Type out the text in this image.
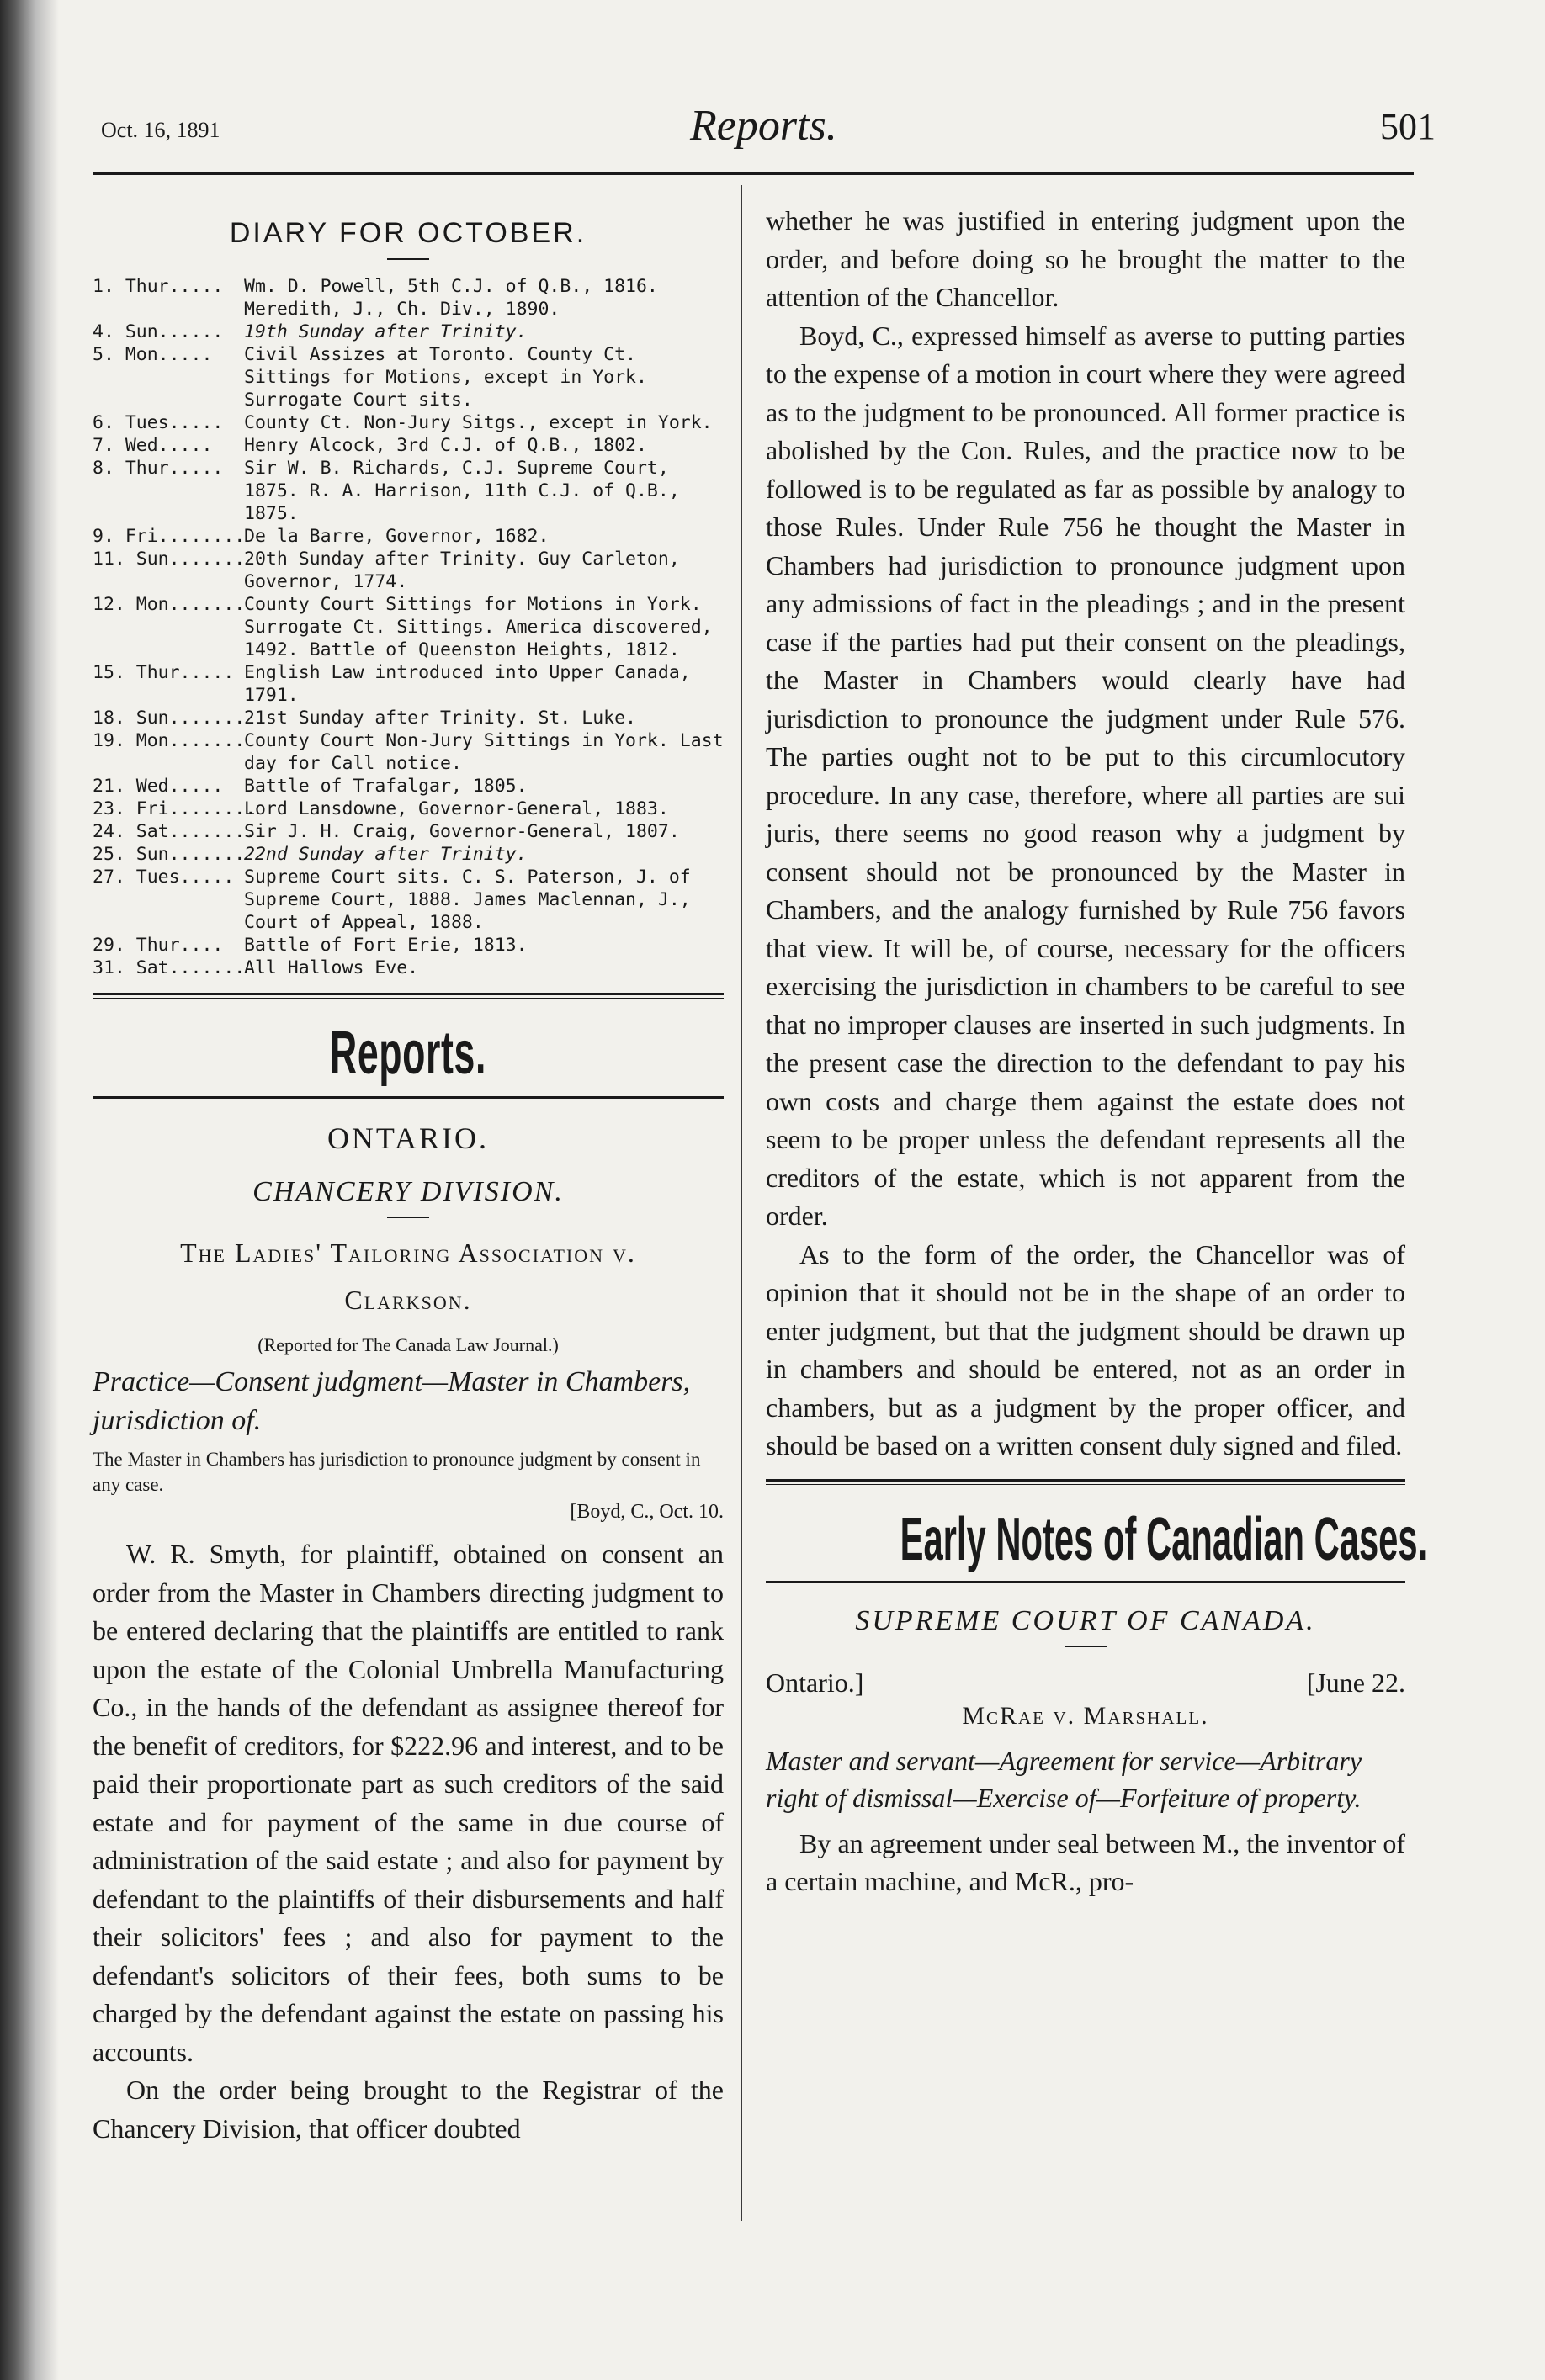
Oct. 16, 1891	Reports.	501
DIARY FOR OCTOBER.
1. Thur.....	Wm. D. Powell, 5th C.J. of Q.B., 1816. Meredith, J., Ch. Div., 1890.
4. Sun......	19th Sunday after Trinity.
5. Mon.....	Civil Assizes at Toronto. County Ct. Sittings for Motions, except in York. Surrogate Court sits.
6. Tues.....	County Ct. Non-Jury Sitgs., except in York.
7. Wed.....	Henry Alcock, 3rd C.J. of Q.B., 1802.
8. Thur.....	Sir W. B. Richards, C.J. Supreme Court, 1875. R. A. Harrison, 11th C.J. of Q.B., 1875.
9. Fri........
De la Barre, Governor, 1682.
11. Sun.......
20th Sunday after Trinity. Guy Carleton, Governor, 1774.
12. Mon.......
County Court Sittings for Motions in York. Surrogate Ct. Sittings. America discovered, 1492. Battle of Queenston Heights, 1812.
15. Thur..... English Law introduced into Upper Canada, 1791.
18. Sun.......
21st Sunday after Trinity. St. Luke.
19. Mon.......
County Court Non-Jury Sittings in York. Last day for Call notice.
21. Wed.....	Battle of Trafalgar, 1805.
23. Fri........
Lord Lansdowne, Governor-General, 1883.
24. Sat........
Sir J. H. Craig, Governor-General, 1807.
25. Sun.......
22nd Sunday after Trinity.
27. Tues..... Supreme Court sits. C. S. Paterson, J. of Supreme Court, 1888. James Maclennan, J., Court of Appeal, 1888.
29. Thur....	Battle of Fort Erie, 1813.
31. Sat.......
All Hallows Eve.
Reports.
ONTARIO.
CHANCERY DIVISION.
The Ladies' Tailoring Association v.
Clarkson.
(Reported for The Canada Law Journal.)
Practice—Consent judgment—Master in Chambers, jurisdiction of.
The Master in Chambers has jurisdiction to pronounce judgment by consent in any case.
[Boyd, C., Oct. 10.

W. R. Smyth, for plaintiff, obtained on consent an order from the Master in Chambers directing judgment to be entered declaring that the plaintiffs are entitled to rank upon the estate of the Colonial Umbrella Manufacturing Co., in the hands of the defendant as assignee thereof for the benefit of creditors, for $222.96 and interest, and to be paid their proportionate part as such creditors of the said estate and for payment of the same in due course of administration of the said estate ; and also for payment by defendant to the plaintiffs of their disbursements and half their solicitors' fees ; and also for payment to the defendant's solicitors of their fees, both sums to be charged by the defendant against the estate on passing his accounts.

On the order being brought to the Registrar of the Chancery Division, that officer doubted

whether he was justified in entering judgment upon the order, and before doing so he brought the matter to the attention of the Chancellor.

Boyd, C., expressed himself as averse to putting parties to the expense of a motion in court where they were agreed as to the judgment to be pronounced. All former practice is abolished by the Con. Rules, and the practice now to be followed is to be regulated as far as possible by analogy to those Rules. Under Rule 756 he thought the Master in Chambers had jurisdiction to pronounce judgment upon any admissions of fact in the pleadings ; and in the present case if the parties had put their consent on the pleadings, the Master in Chambers would clearly have had jurisdiction to pronounce the judgment under Rule 576. The parties ought not to be put to this circumlocutory procedure. In any case, therefore, where all parties are sui juris, there seems no good reason why a judgment by consent should not be pronounced by the Master in Chambers, and the analogy furnished by Rule 756 favors that view. It will be, of course, necessary for the officers exercising the jurisdiction in chambers to be careful to see that no improper clauses are inserted in such judgments. In the present case the direction to the defendant to pay his own costs and charge them against the estate does not seem to be proper unless the defendant represents all the creditors of the estate, which is not apparent from the order.

As to the form of the order, the Chancellor was of opinion that it should not be in the shape of an order to enter judgment, but that the judgment should be drawn up in chambers and should be entered, not as an order in chambers, but as a judgment by the proper officer, and should be based on a written consent duly signed and filed.

Early Notes of Canadian Cases.
SUPREME COURT OF CANADA.
Ontario.]	[June 22.
McRae v. Marshall.
Master and servant—Agreement for service—Arbitrary right of dismissal—Exercise of—Forfeiture of property.

By an agreement under seal between M., the inventor of a certain machine, and McR., pro-
